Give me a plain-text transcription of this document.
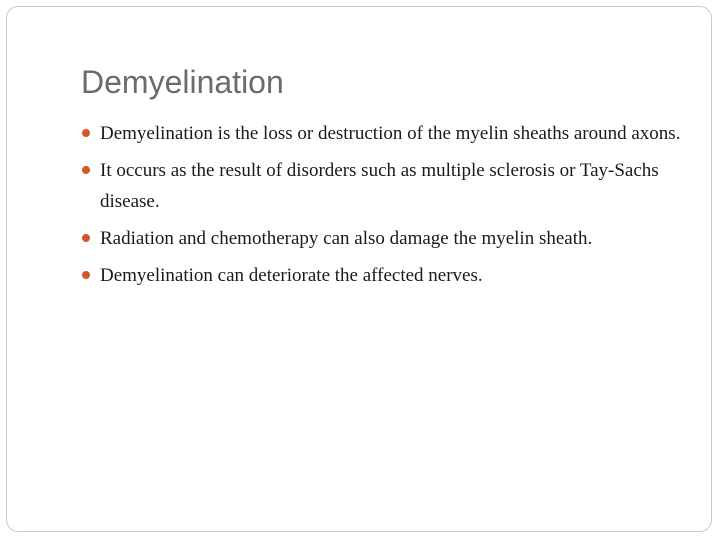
Demyelination
Demyelination is the loss or destruction of the myelin sheaths around axons.
It occurs as the result of disorders such as multiple sclerosis or Tay-Sachs disease.
Radiation and chemotherapy can also damage the myelin sheath.
Demyelination can deteriorate the affected nerves.
